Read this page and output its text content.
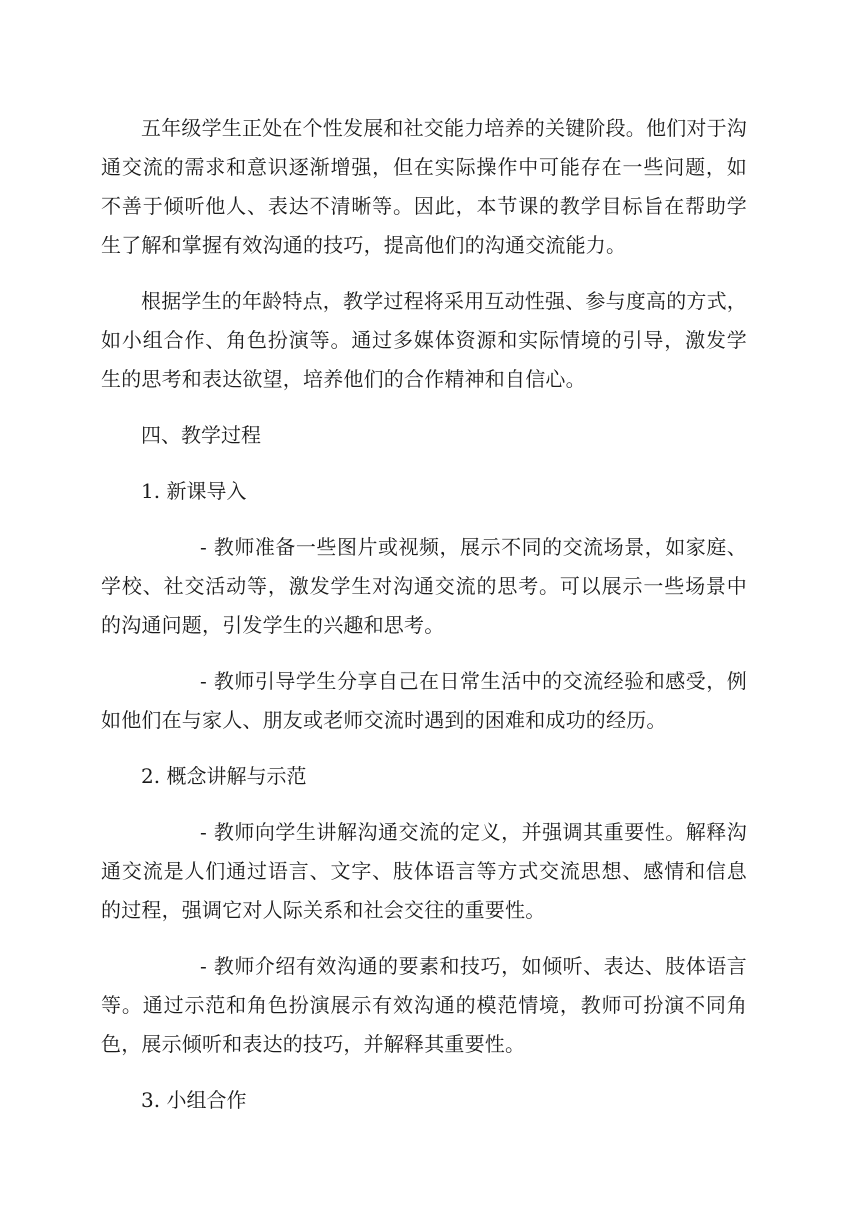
五年级学生正处在个性发展和社交能力培养的关键阶段。他们对于沟通交流的需求和意识逐渐增强，但在实际操作中可能存在一些问题，如不善于倾听他人、表达不清晰等。因此，本节课的教学目标旨在帮助学生了解和掌握有效沟通的技巧，提高他们的沟通交流能力。

根据学生的年龄特点，教学过程将采用互动性强、参与度高的方式，如小组合作、角色扮演等。通过多媒体资源和实际情境的引导，激发学生的思考和表达欲望，培养他们的合作精神和自信心。

四、教学过程

1. 新课导入

- 教师准备一些图片或视频，展示不同的交流场景，如家庭、学校、社交活动等，激发学生对沟通交流的思考。可以展示一些场景中的沟通问题，引发学生的兴趣和思考。

- 教师引导学生分享自己在日常生活中的交流经验和感受，例如他们在与家人、朋友或老师交流时遇到的困难和成功的经历。

2. 概念讲解与示范

- 教师向学生讲解沟通交流的定义，并强调其重要性。解释沟通交流是人们通过语言、文字、肢体语言等方式交流思想、感情和信息的过程，强调它对人际关系和社会交往的重要性。

- 教师介绍有效沟通的要素和技巧，如倾听、表达、肢体语言等。通过示范和角色扮演展示有效沟通的模范情境，教师可扮演不同角色，展示倾听和表达的技巧，并解释其重要性。

3. 小组合作
